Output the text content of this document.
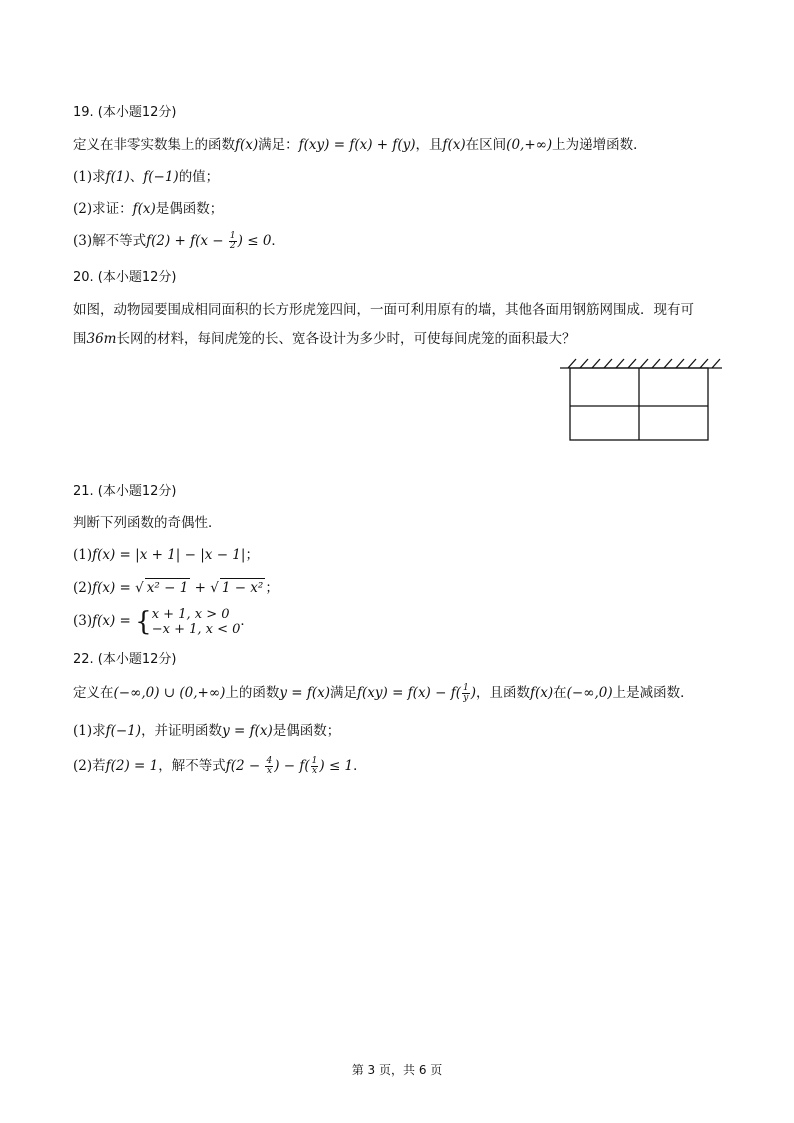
19. (本小题12分)
定义在非零实数集上的函数f(x)满足：f(xy) = f(x) + f(y)，且f(x)在区间(0,+∞)上为递增函数．
(1)求f(1)、f(−1)的值；
(2)求证：f(x)是偶函数；
(3)解不等式$f(2) + f(x - \frac{1}{2}$ ) ≤ 0．
20. (本小题12分)
如图，动物园要围成相同面积的长方形虎笼四间，一面可利用原有的墙，其他各面用钢筋网围成．现有可
围36m长网的材料，每间虎笼的长、宽各设计为多少时，可使每间虎笼的面积最大？
21. (本小题12分)
判断下列函数的奇偶性．
(1)f(x) = |x + 1| − |x − 1|；
(2)f(x) = √ x² − 1 + √ 1 − x² ；
(3)f(x) = { x + 1, x > 0
−x + 1, x < 0 ．
22. (本小题12分)
定义在(−∞,0) ∪ (0,+∞)上的函数y = f(x)满足$f(xy) = f(x) - f( \frac{1}{y}$ )，且函数f(x)在(−∞,0)上是减函数．
(1)求f(−1)，并证明函数y = f(x)是偶函数；
(2)若f(2) = 1，解不等式$f(2 - \frac{4}{x}$ ) − $f( \frac{1}{x}$ ) ≤ 1．
第 3 页，共 6 页
